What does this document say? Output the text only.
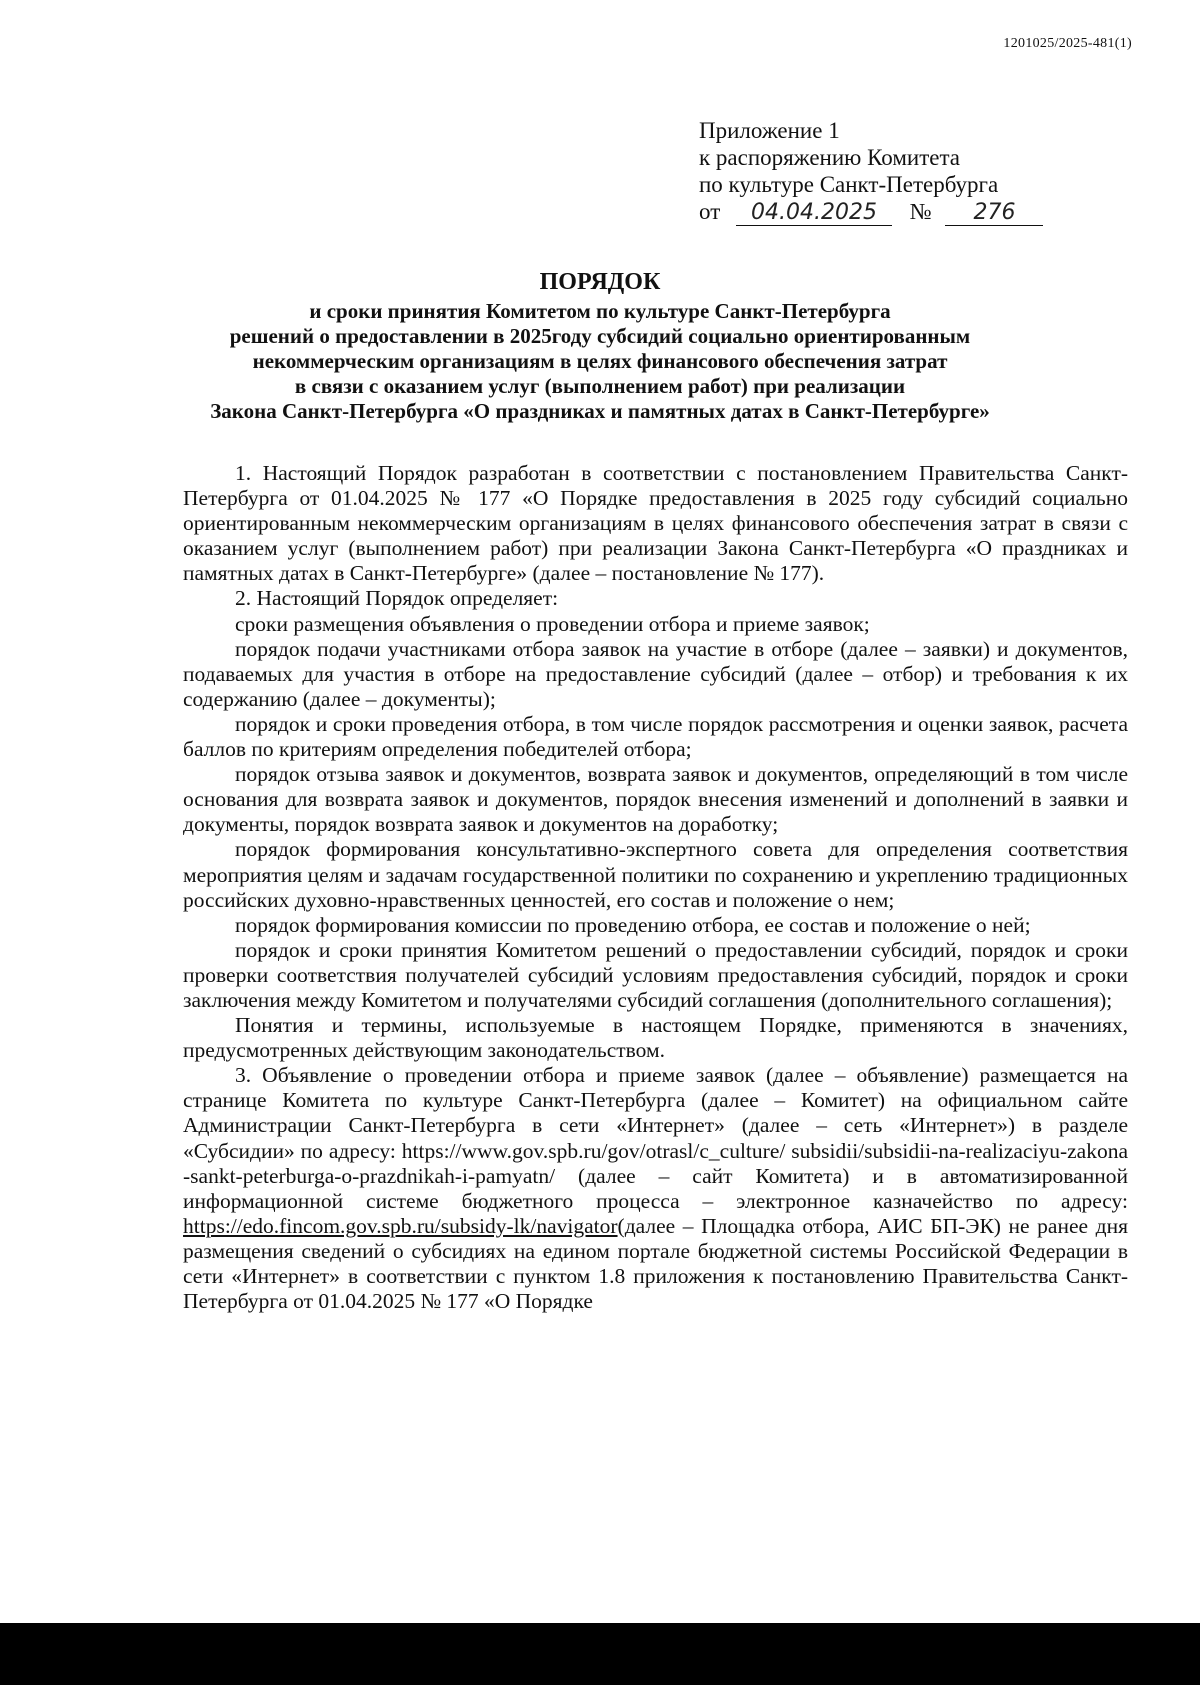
1201025/2025-481(1)
Приложение 1
к распоряжению Комитета
по культуре Санкт-Петербурга
от 04.04.2025 № 276
ПОРЯДОК
и сроки принятия Комитетом по культуре Санкт-Петербурга
решений о предоставлении в 2025году субсидий социально ориентированным
некоммерческим организациям в целях финансового обеспечения затрат
в связи с оказанием услуг (выполнением работ) при реализации
Закона Санкт-Петербурга «О праздниках и памятных датах в Санкт-Петербурге»

1. Настоящий Порядок разработан в соответствии с постановлением Правительства Санкт-Петербурга от 01.04.2025 № 177 «О Порядке предоставления в 2025 году субсидий социально ориентированным некоммерческим организациям в целях финансового обеспечения затрат в связи с оказанием услуг (выполнением работ) при реализации Закона Санкт-Петербурга «О праздниках и памятных датах в Санкт-Петербурге» (далее – постановление № 177).

2. Настоящий Порядок определяет:

сроки размещения объявления о проведении отбора и приеме заявок;

порядок подачи участниками отбора заявок на участие в отборе (далее – заявки) и документов, подаваемых для участия в отборе на предоставление субсидий (далее – отбор) и требования к их содержанию (далее – документы);

порядок и сроки проведения отбора, в том числе порядок рассмотрения и оценки заявок, расчета баллов по критериям определения победителей отбора;

порядок отзыва заявок и документов, возврата заявок и документов, определяющий в том числе основания для возврата заявок и документов, порядок внесения изменений и дополнений в заявки и документы, порядок возврата заявок и документов на доработку;

порядок формирования консультативно-экспертного совета для определения соответствия мероприятия целям и задачам государственной политики по сохранению и укреплению традиционных российских духовно-нравственных ценностей, его состав и положение о нем;

порядок формирования комиссии по проведению отбора, ее состав и положение о ней;

порядок и сроки принятия Комитетом решений о предоставлении субсидий, порядок и сроки проверки соответствия получателей субсидий условиям предоставления субсидий, порядок и сроки заключения между Комитетом и получателями субсидий соглашения (дополнительного соглашения);

Понятия и термины, используемые в настоящем Порядке, применяются в значениях, предусмотренных действующим законодательством.

3. Объявление о проведении отбора и приеме заявок (далее – объявление) размещается на странице Комитета по культуре Санкт-Петербурга (далее – Комитет) на официальном сайте Администрации Санкт-Петербурга в сети «Интернет» (далее – сеть «Интернет») в разделе «Субсидии» по адресу: https://www.gov.spb.ru/gov/otrasl/c_culture/ subsidii/subsidii-na-realizaciyu-zakona-sankt-peterburga-o-prazdnikah-i-pamyatn/ (далее – сайт Комитета) и в автоматизированной информационной системе бюджетного процесса – электронное казначейство по адресу: https://edo.fincom.gov.spb.ru/subsidy-lk/navigator(далее – Площадка отбора, АИС БП-ЭК) не ранее дня размещения сведений о субсидиях на едином портале бюджетной системы Российской Федерации в сети «Интернет» в соответствии с пунктом 1.8 приложения к постановлению Правительства Санкт-Петербурга от 01.04.2025 № 177 «О Порядке
